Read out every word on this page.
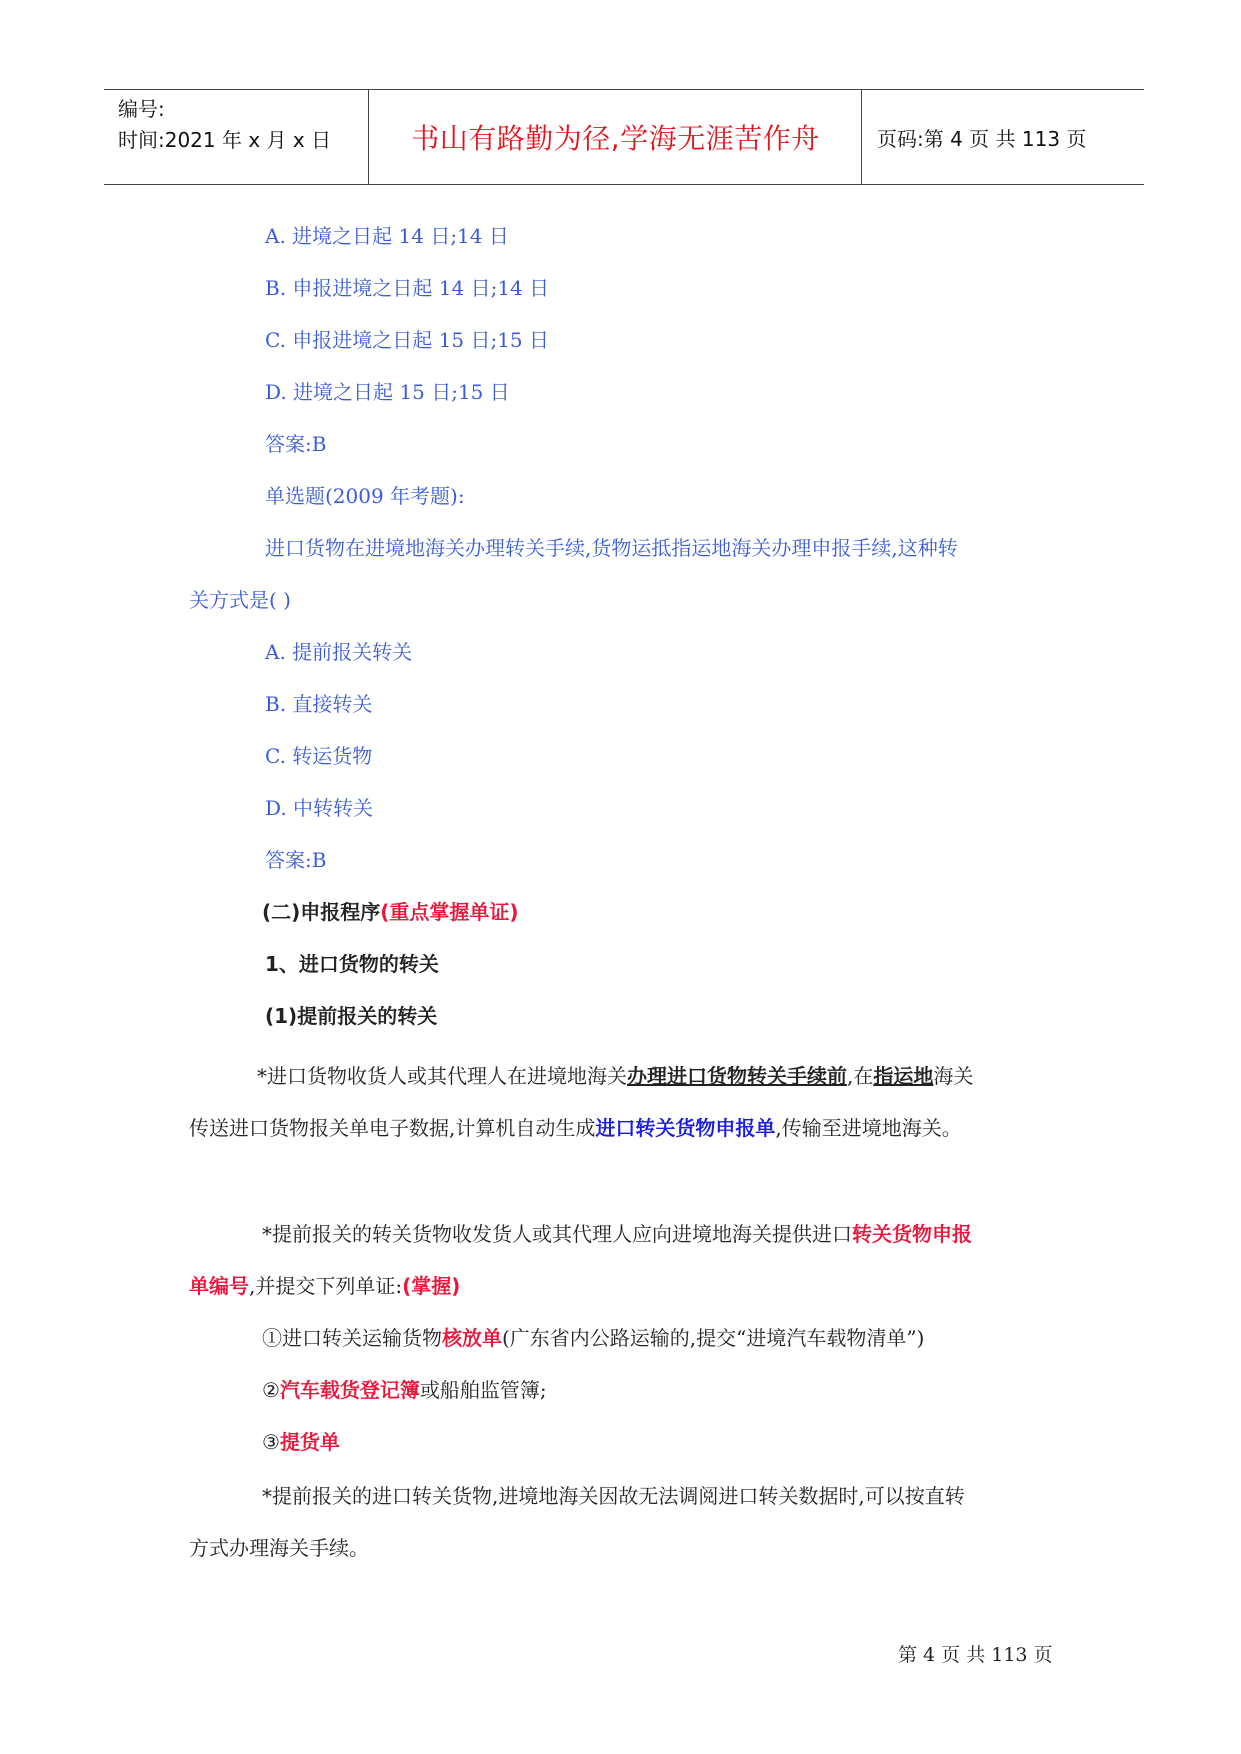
编号:
时间:2021 年 x 月 x 日	书山有路勤为径,学海无涯苦作舟	页码:第 4 页 共 113 页
A. 进境之日起 14 日;14 日
B. 申报进境之日起 14 日;14 日
C. 申报进境之日起 15 日;15 日
D. 进境之日起 15 日;15 日
答案:B
单选题(2009 年考题):
进口货物在进境地海关办理转关手续,货物运抵指运地海关办理申报手续,这种转
关方式是( )
A. 提前报关转关
B. 直接转关
C. 转运货物
D. 中转转关
答案:B
(二)申报程序(重点掌握单证)
1、进口货物的转关
(1)提前报关的转关
*进口货物收货人或其代理人在进境地海关办理进口货物转关手续前,在指运地海关
传送进口货物报关单电子数据,计算机自动生成进口转关货物申报单,传输至进境地海关。
*提前报关的转关货物收发货人或其代理人应向进境地海关提供进口转关货物申报
单编号,并提交下列单证:(掌握)
①进口转关运输货物核放单(广东省内公路运输的,提交“进境汽车载物清单”)
②汽车载货登记簿或船舶监管簿;
③提货单
*提前报关的进口转关货物,进境地海关因故无法调阅进口转关数据时,可以按直转
方式办理海关手续。
第 4 页 共 113 页
